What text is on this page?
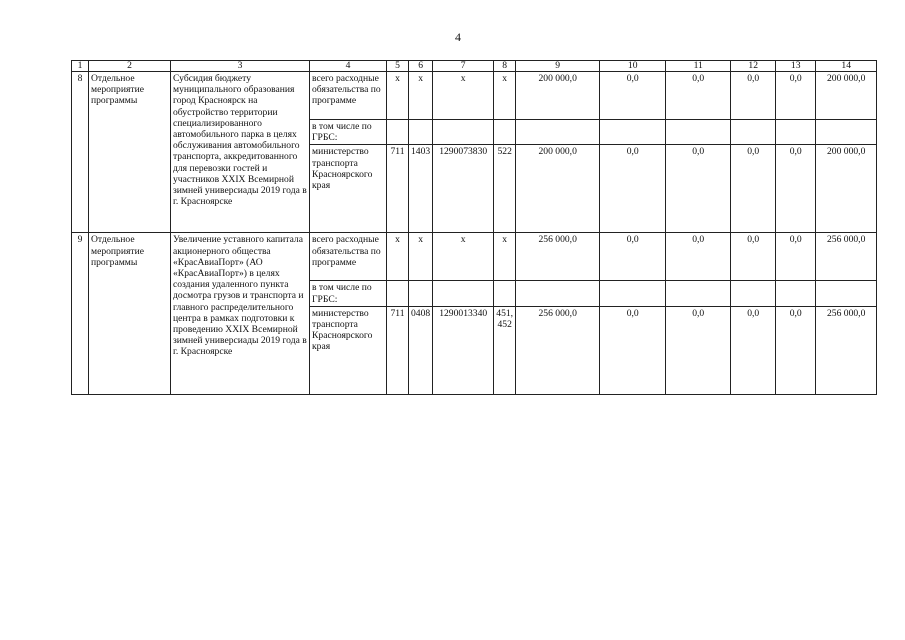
4
1	2	3	4	5	6	7	8	9	10	11	12	13	14
8	Отдельное мероприятие программы	Субсидия бюджету муниципального образования город Красноярск на обустройство территории специализированного автомобильного парка в целях обслуживания автомобильного транспорта, аккредитованного для перевозки гостей и участников XXIX Всемирной зимней универсиады 2019 года в г. Красноярске	всего расходные обязательства по программе	x	x	x	x	200 000,0	0,0	0,0	0,0	0,0	200 000,0
			в том числе по ГРБС:										
			министерство транспорта Красноярского края	711	1403	1290073830	522	200 000,0	0,0	0,0	0,0	0,0	200 000,0
9	Отдельное мероприятие программы	Увеличение уставного капитала акционерного общества «КрасАвиаПорт» (АО «КрасАвиаПорт») в целях создания удаленного пункта досмотра грузов и транспорта и главного распределительного центра в рамках подготовки к проведению XXIX Всемирной зимней универсиады 2019 года в г. Красноярске	всего расходные обязательства по программе	x	x	x	x	256 000,0	0,0	0,0	0,0	0,0	256 000,0
			в том числе по ГРБС:										
			министерство транспорта Красноярского края	711	0408	1290013340	451, 452	256 000,0	0,0	0,0	0,0	0,0	256 000,0
